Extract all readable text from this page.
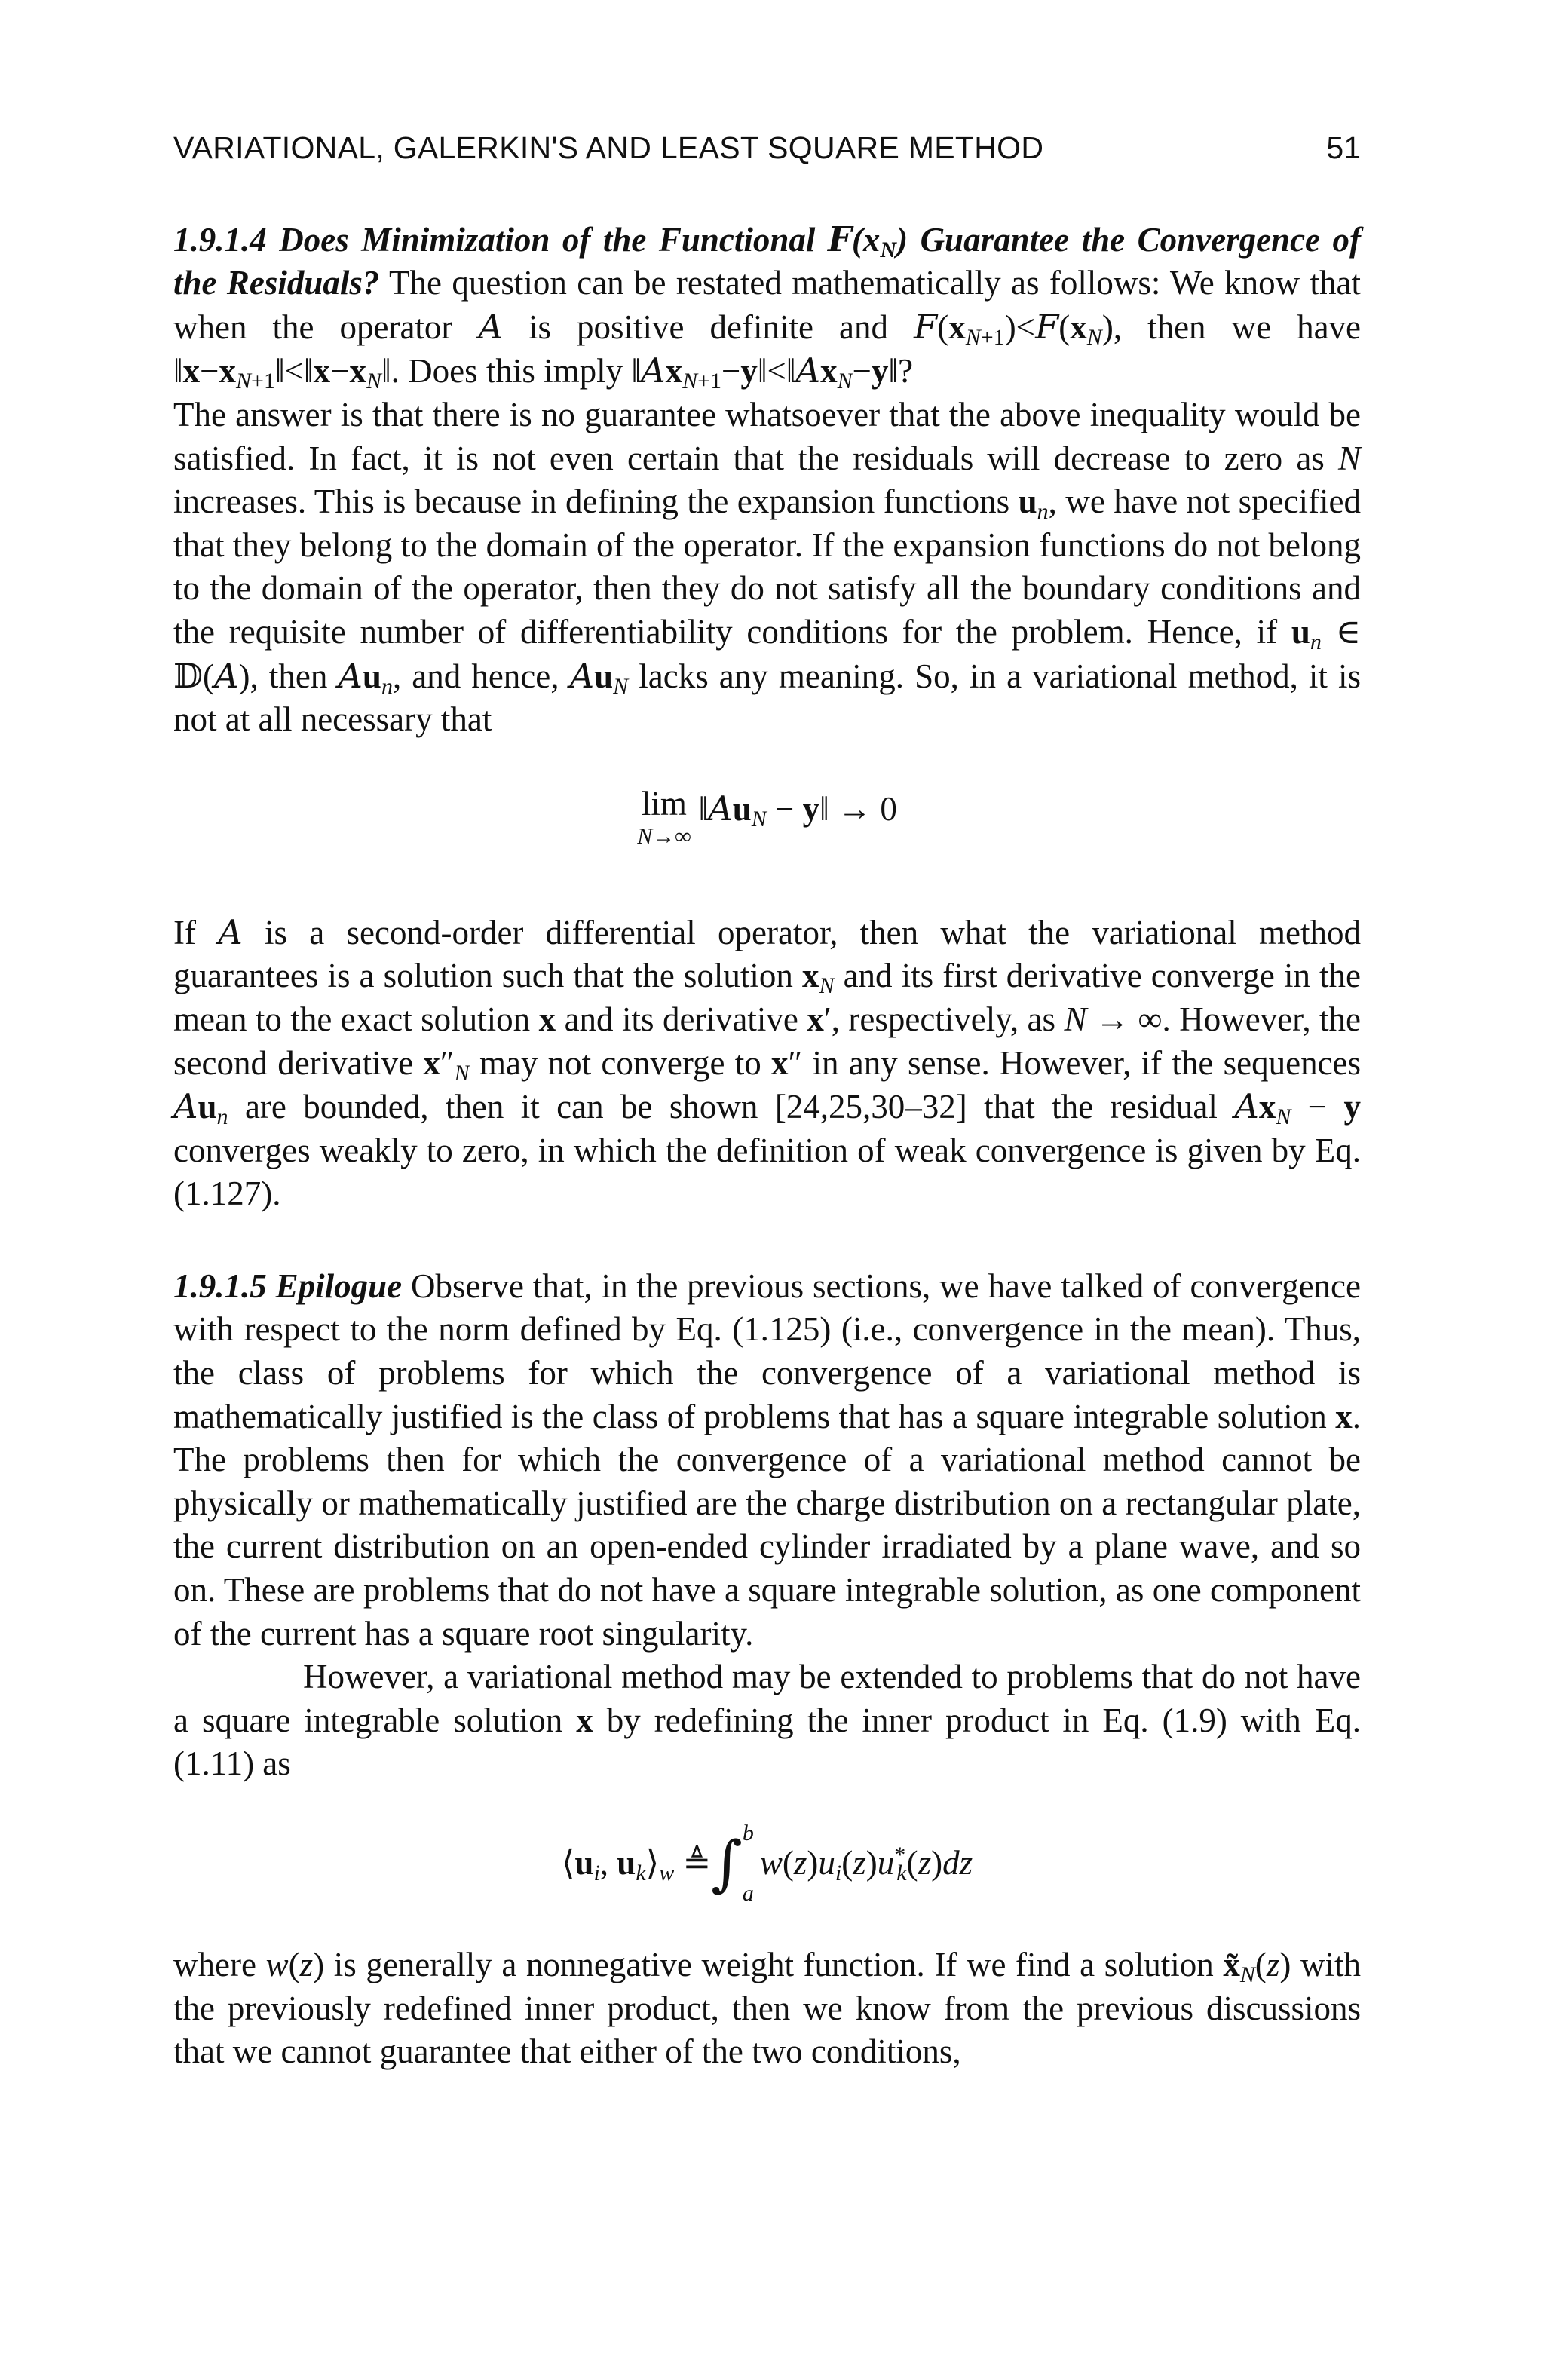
VARIATIONAL, GALERKIN'S AND LEAST SQUARE METHOD	51

1.9.1.4 Does Minimization of the Functional $F(x_N)$ Guarantee the Convergence of the Residuals? The question can be restated mathematically as follows: We know that when the operator A is positive definite and $F(x_{N+1})<F(x_N)$, then we have $‖x-x_{N+1}‖<‖x-x_N‖$. Does this imply $‖Ax_{N+1}-y‖<‖Ax_N-y‖$?

The answer is that there is no guarantee whatsoever that the above inequality would be satisfied. In fact, it is not even certain that the residuals will decrease to zero as N increases. This is because in defining the expansion functions $u_n$, we have not specified that they belong to the domain of the operator. If the expansion functions do not belong to the domain of the operator, then they do not satisfy all the boundary conditions and the requisite number of differentiability conditions for the problem. Hence, if $u_n$ ∈ 𝔻(A), then $Au_n$, and hence, $Au_N$ lacks any meaning. So, in a variational method, it is not at all necessary that

lim
N→∞
$‖Au_N$ − y‖ → 0

If A is a second-order differential operator, then what the variational method guarantees is a solution such that the solution $x_N$ and its first derivative converge in the mean to the exact solution x and its derivative x′, respectively, as N → ∞. However, the second derivative $x''_N$ may not converge to x″ in any sense. However, if the sequences $Au_n$ are bounded, then it can be shown [24,25,30–32] that the residual $Ax_N - y$ converges weakly to zero, in which the definition of weak convergence is given by Eq. (1.127).

1.9.1.5 Epilogue Observe that, in the previous sections, we have talked of convergence with respect to the norm defined by Eq. (1.125) (i.e., convergence in the mean). Thus, the class of problems for which the convergence of a variational method is mathematically justified is the class of problems that has a square integrable solution x. The problems then for which the convergence of a variational method cannot be physically or mathematically justified are the charge distribution on a rectangular plate, the current distribution on an open-ended cylinder irradiated by a plane wave, and so on. These are problems that do not have a square integrable solution, as one component of the current has a square root singularity.

However, a variational method may be extended to problems that do not have a square integrable solution x by redefining the inner product in Eq. (1.9) with Eq. (1.11) as

$⟨u_i$, $u_k⟩_w$ ≜ ∫ b
a
$w(z)u_i(z)u^*_k(z)dz$

where w(z) is generally a nonnegative weight function. If we find a solution $x̃_N(z)$ with the previously redefined inner product, then we know from the previous discussions that we cannot guarantee that either of the two conditions,
